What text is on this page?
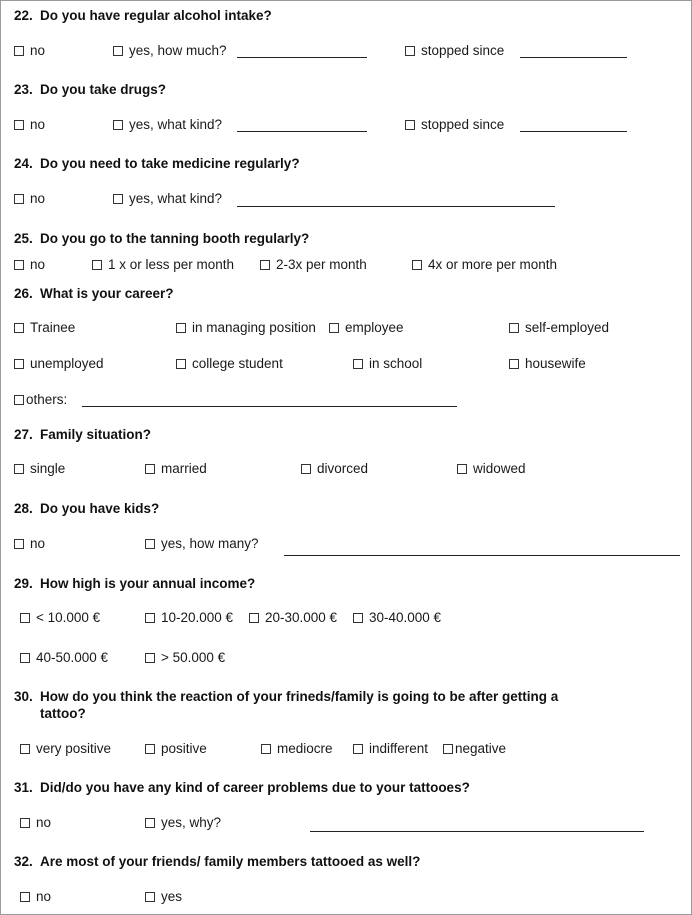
22. Do you have regular alcohol intake?
no	yes, how much?	stopped since
23. Do you take drugs?
no	yes, what kind?	stopped since
24. Do you need to take medicine regularly?
no	yes, what kind?
25. Do you go to the tanning booth regularly?
no	1 x or less per month	2-3x per month	4x or more per month
26. What is your career?
Trainee	in managing position	employee	self-employed
unemployed	college student	in school	housewife
others:
27. Family situation?
single	married	divorced	widowed
28. Do you have kids?
no	yes, how many?
29. How high is your annual income?
< 10.000 €	10-20.000 €	20-30.000 €	30-40.000 €
40-50.000 €	> 50.000 €
30. How do you think the reaction of your frineds/family is going to be after getting a
tattoo?
very positive	positive	mediocre	indifferent	negative
31. Did/do you have any kind of career problems due to your tattooes?
no	yes, why?
32. Are most of your friends/ family members tattooed as well?
no	yes
